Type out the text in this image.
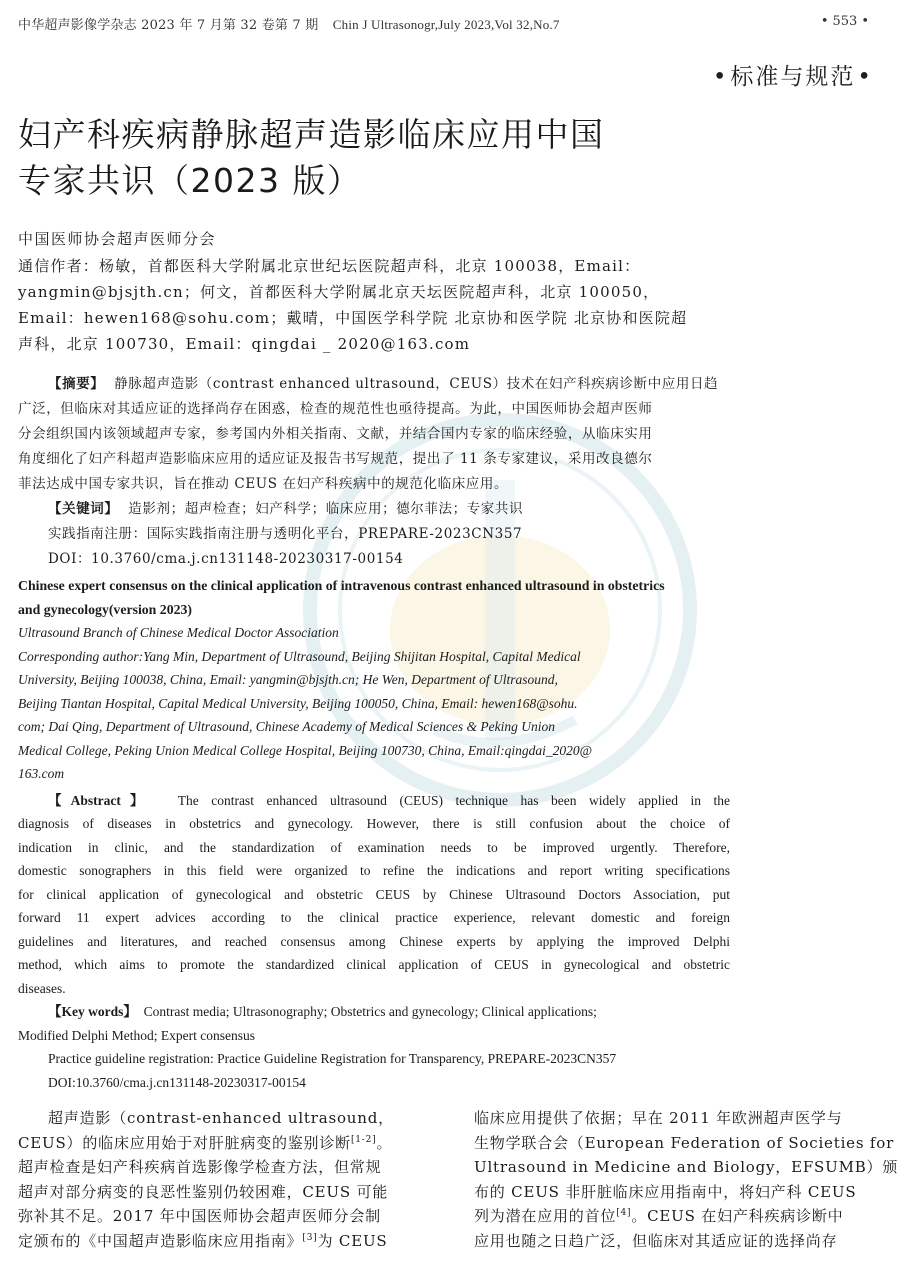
中华超声影像学杂志 2023 年 7 月第 32 卷第 7 期 Chin J Ultrasonogr,July 2023,Vol 32,No.7	• 553 •
•标准与规范•
妇产科疾病静脉超声造影临床应用中国
专家共识（2023 版）
中国医师协会超声医师分会
通信作者：杨敏，首都医科大学附属北京世纪坛医院超声科，北京 100038，Email：
yangmin@bjsjth.cn；何文，首都医科大学附属北京天坛医院超声科，北京 100050，
Email：hewen168@sohu.com；戴晴，中国医学科学院 北京协和医学院 北京协和医院超
声科，北京 100730，Email：qingdai _ 2020@163.com
【摘要】 静脉超声造影（contrast enhanced ultrasound，CEUS）技术在妇产科疾病诊断中应用日趋
广泛，但临床对其适应证的选择尚存在困惑，检查的规范性也亟待提高。为此，中国医师协会超声医师
分会组织国内该领域超声专家，参考国内外相关指南、文献，并结合国内专家的临床经验，从临床实用
角度细化了妇产科超声造影临床应用的适应证及报告书写规范，提出了 11 条专家建议，采用改良德尔
菲法达成中国专家共识，旨在推动 CEUS 在妇产科疾病中的规范化临床应用。
【关键词】 造影剂；超声检查；妇产科学；临床应用；德尔菲法；专家共识
实践指南注册：国际实践指南注册与透明化平台，PREPARE-2023CN357
DOI：10.3760/cma.j.cn131148-20230317-00154
Chinese expert consensus on the clinical application of intravenous contrast enhanced ultrasound in obstetrics
and gynecology(version 2023)
Ultrasound Branch of Chinese Medical Doctor Association
Corresponding author:Yang Min, Department of Ultrasound, Beijing Shijitan Hospital, Capital Medical
University, Beijing 100038, China, Email: yangmin@bjsjth.cn; He Wen, Department of Ultrasound,
Beijing Tiantan Hospital, Capital Medical University, Beijing 100050, China, Email: hewen168@sohu.
com; Dai Qing, Department of Ultrasound, Chinese Academy of Medical Sciences & Peking Union
Medical College, Peking Union Medical College Hospital, Beijing 100730, China, Email:qingdai_2020@
163.com
【Abstract】 The contrast enhanced ultrasound (CEUS) technique has been widely applied in the
diagnosis of diseases in obstetrics and gynecology. However, there is still confusion about the choice of
indication in clinic, and the standardization of examination needs to be improved urgently. Therefore,
domestic sonographers in this field were organized to refine the indications and report writing specifications
for clinical application of gynecological and obstetric CEUS by Chinese Ultrasound Doctors Association, put
forward 11 expert advices according to the clinical practice experience, relevant domestic and foreign
guidelines and literatures, and reached consensus among Chinese experts by applying the improved Delphi
method, which aims to promote the standardized clinical application of CEUS in gynecological and obstetric
diseases.
【Key words】 Contrast media; Ultrasonography; Obstetrics and gynecology; Clinical applications;
Modified Delphi Method; Expert consensus
Practice guideline registration: Practice Guideline Registration for Transparency, PREPARE-2023CN357
DOI:10.3760/cma.j.cn131148-20230317-00154
超声造影（contrast-enhanced ultrasound，
CEUS）的临床应用始于对肝脏病变的鉴别诊断[1-2]。
超声检查是妇产科疾病首选影像学检查方法，但常规
超声对部分病变的良恶性鉴别仍较困难，CEUS 可能
弥补其不足。2017 年中国医师协会超声医师分会制
定颁布的《中国超声造影临床应用指南》[3]为 CEUS
临床应用提供了依据；早在 2011 年欧洲超声医学与
生物学联合会（European Federation of Societies for
Ultrasound in Medicine and Biology，EFSUMB）颁
布的 CEUS 非肝脏临床应用指南中，将妇产科 CEUS
列为潜在应用的首位[4]。CEUS 在妇产科疾病诊断中
应用也随之日趋广泛，但临床对其适应证的选择尚存
